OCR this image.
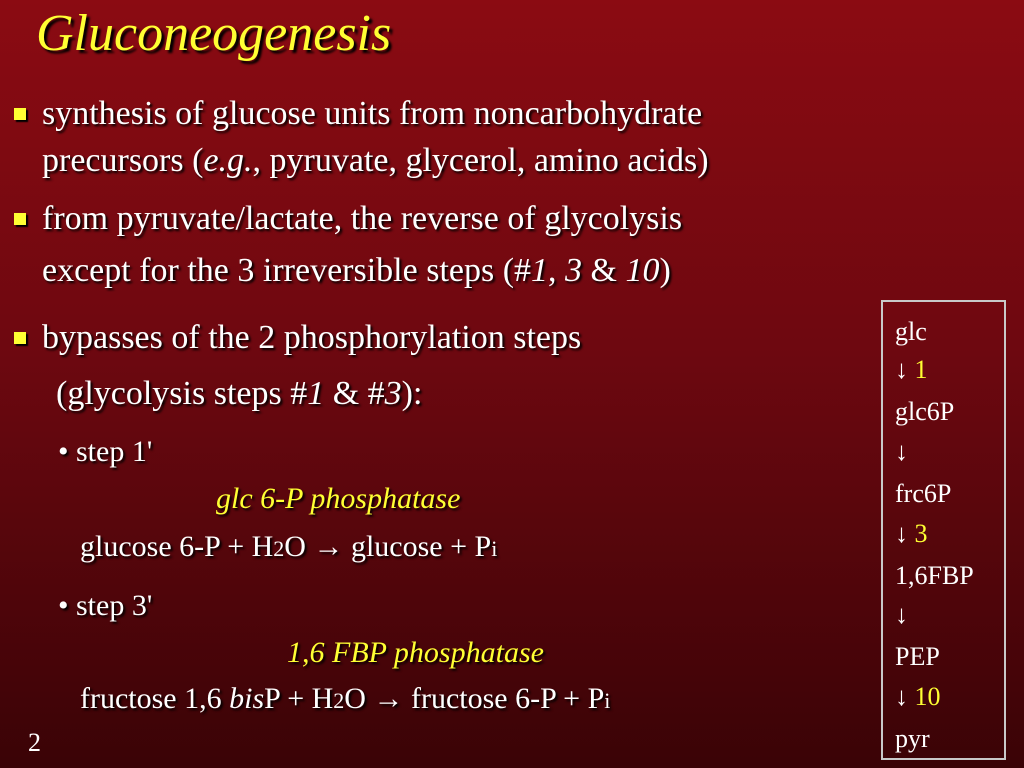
Gluconeogenesis
synthesis of glucose units from noncarbohydrate
precursors (e.g., pyruvate, glycerol, amino acids)
from pyruvate/lactate, the reverse of glycolysis
except for the 3 irreversible steps (#1, 3 & 10)
bypasses of the 2 phosphorylation steps
(glycolysis steps #1 & #3):
• step 1'
glc 6-P phosphatase
glucose 6-P + H2O → glucose + Pi
• step 3'
1,6 FBP phosphatase
fructose 1,6 bisP + H2O → fructose 6-P + Pi
glc
↓ 1
glc6P
↓
frc6P
↓ 3
1,6FBP
↓
PEP
↓ 10
pyr
2
